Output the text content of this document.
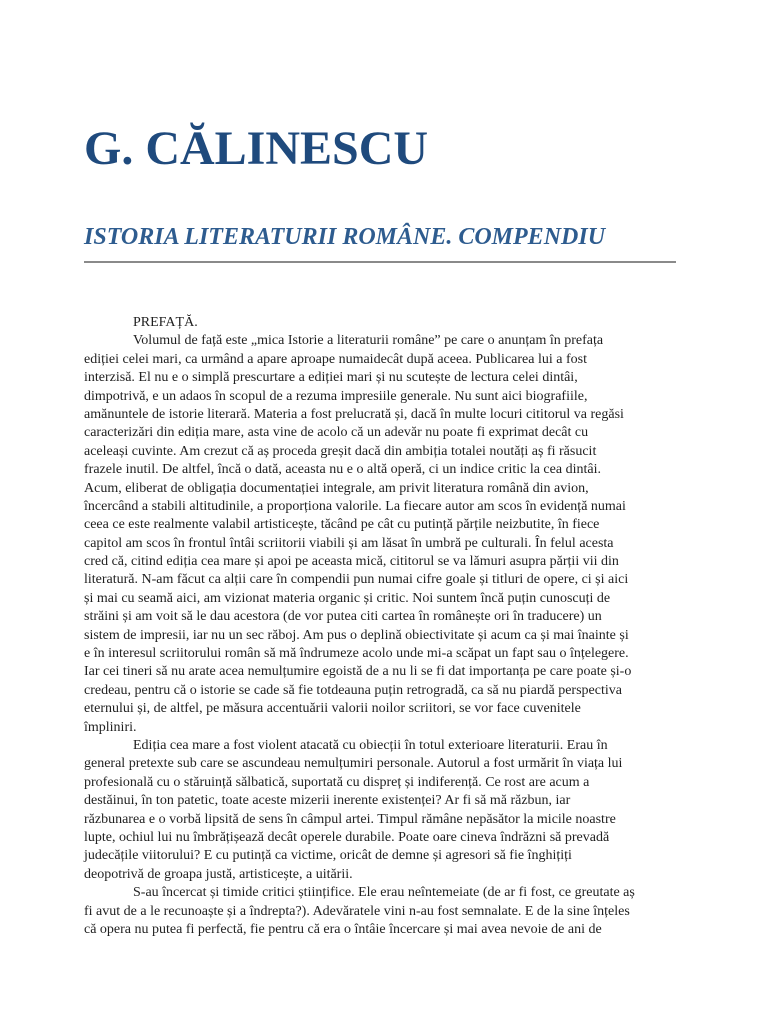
G. CĂLINESCU
ISTORIA LITERATURII ROMÂNE. COMPENDIU
PREFAȚĂ.
Volumul de față este „mica Istorie a literaturii române” pe care o anunțam în prefața
ediției celei mari, ca urmând a apare aproape numaidecât după aceea. Publicarea lui a fost
interzisă. El nu e o simplă prescurtare a ediției mari și nu scutește de lectura celei dintâi,
dimpotrivă, e un adaos în scopul de a rezuma impresiile generale. Nu sunt aici biografiile,
amănuntele de istorie literară. Materia a fost prelucrată și, dacă în multe locuri cititorul va regăsi
caracterizări din ediția mare, asta vine de acolo că un adevăr nu poate fi exprimat decât cu
aceleași cuvinte. Am crezut că aș proceda greșit dacă din ambiția totalei noutăți aș fi răsucit
frazele inutil. De altfel, încă o dată, aceasta nu e o altă operă, ci un indice critic la cea dintâi.
Acum, eliberat de obligația documentației integrale, am privit literatura română din avion,
încercând a stabili altitudinile, a proporționa valorile. La fiecare autor am scos în evidență numai
ceea ce este realmente valabil artisticește, tăcând pe cât cu putință părțile neizbutite, în fiece
capitol am scos în frontul întâi scriitorii viabili și am lăsat în umbră pe culturali. În felul acesta
cred că, citind ediția cea mare și apoi pe aceasta mică, cititorul se va lămuri asupra părții vii din
literatură. N-am făcut ca alții care în compendii pun numai cifre goale și titluri de opere, ci și aici
și mai cu seamă aici, am vizionat materia organic și critic. Noi suntem încă puțin cunoscuți de
străini și am voit să le dau acestora (de vor putea citi cartea în românește ori în traducere) un
sistem de impresii, iar nu un sec răboj. Am pus o deplină obiectivitate și acum ca și mai înainte și
e în interesul scriitorului român să mă îndrumeze acolo unde mi-a scăpat un fapt sau o înțelegere.
Iar cei tineri să nu arate acea nemulțumire egoistă de a nu li se fi dat importanța pe care poate și-o
credeau, pentru că o istorie se cade să fie totdeauna puțin retrogradă, ca să nu piardă perspectiva
eternului și, de altfel, pe măsura accentuării valorii noilor scriitori, se vor face cuvenitele
împliniri.
Ediția cea mare a fost violent atacată cu obiecții în totul exterioare literaturii. Erau în
general pretexte sub care se ascundeau nemulțumiri personale. Autorul a fost urmărit în viața lui
profesională cu o stăruință sălbatică, suportată cu dispreț și indiferență. Ce rost are acum a
destăinui, în ton patetic, toate aceste mizerii inerente existenței? Ar fi să mă răzbun, iar
răzbunarea e o vorbă lipsită de sens în câmpul artei. Timpul rămâne nepăsător la micile noastre
lupte, ochiul lui nu îmbrățișează decât operele durabile. Poate oare cineva îndrăzni să prevadă
judecățile viitorului? E cu putință ca victime, oricât de demne și agresori să fie înghițiți
deopotrivă de groapa justă, artisticește, a uitării.
S-au încercat și timide critici științifice. Ele erau neîntemeiate (de ar fi fost, ce greutate aș
fi avut de a le recunoaște și a îndrepta?). Adevăratele vini n-au fost semnalate. E de la sine înțeles
că opera nu putea fi perfectă, fie pentru că era o întâie încercare și mai avea nevoie de ani de
